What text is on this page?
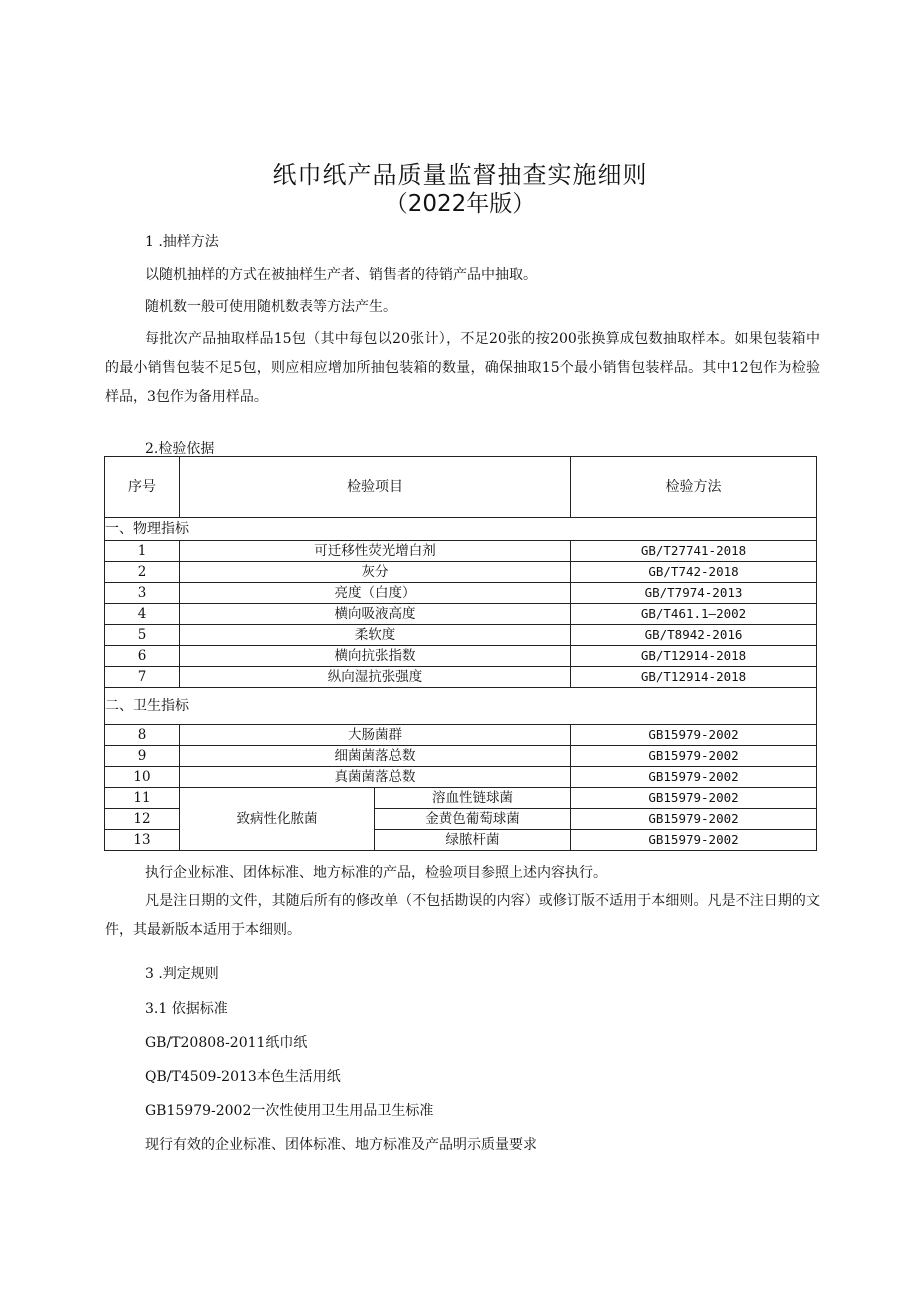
纸巾纸产品质量监督抽查实施细则
（2022年版）
1 .抽样方法
以随机抽样的方式在被抽样生产者、销售者的待销产品中抽取。
随机数一般可使用随机数表等方法产生。
每批次产品抽取样品15包（其中每包以20张计），不足20张的按200张换算成包数抽取样本。如果包装箱中的最小销售包装不足5包，则应相应增加所抽包装箱的数量，确保抽取15个最小销售包装样品。其中12包作为检验样品，3包作为备用样品。
2.检验依据
序号	检验项目		检验方法
一、物理指标			
1	可迁移性荧光增白剂		GB/T27741-2018
2	灰分		GB/T742-2018
3	亮度（白度）		GB/T7974-2013
4	横向吸液高度		GB/T461.1—2002
5	柔软度		GB/T8942-2016
6	横向抗张指数		GB/T12914-2018
7	纵向湿抗张强度		GB/T12914-2018
二、卫生指标			
8	大肠菌群		GB15979-2002
9	细菌菌落总数		GB15979-2002
10	真菌菌落总数		GB15979-2002
11	致病性化脓菌	溶血性链球菌	GB15979-2002
12		金黄色葡萄球菌	GB15979-2002
13		绿脓杆菌	GB15979-2002
执行企业标准、团体标准、地方标准的产品，检验项目参照上述内容执行。
凡是注日期的文件，其随后所有的修改单（不包括勘误的内容）或修订版不适用于本细则。凡是不注日期的文件，其最新版本适用于本细则。
3 .判定规则
3.1 依据标准
GB/T20808-2011纸巾纸
QB/T4509-2013本色生活用纸
GB15979-2002一次性使用卫生用品卫生标准
现行有效的企业标准、团体标准、地方标准及产品明示质量要求
